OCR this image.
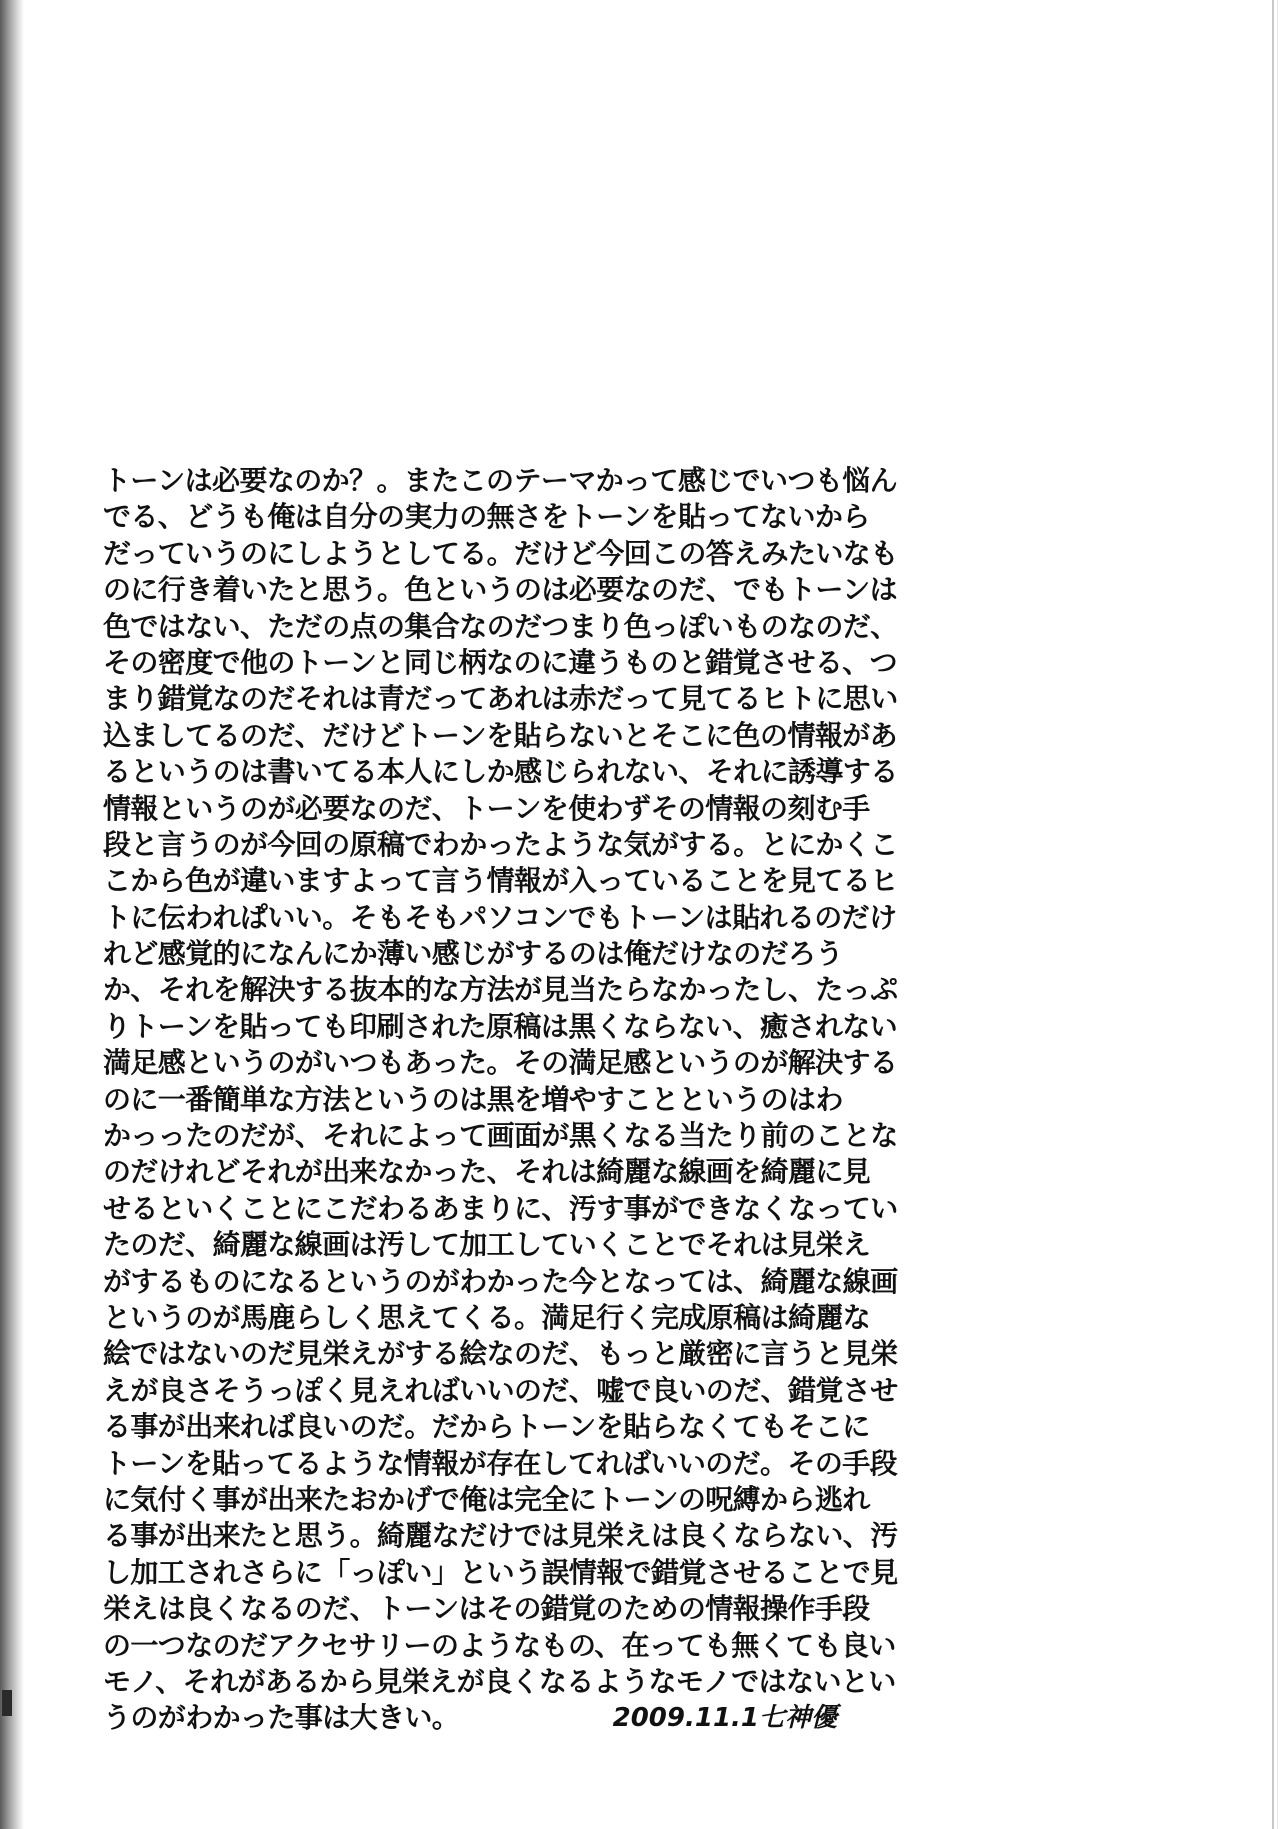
トーンは必要なのか？。またこのテーマかって感じでいつも悩ん
でる、どうも俺は自分の実力の無さをトーンを貼ってないから
だっていうのにしようとしてる。だけど今回この答えみたいなも
のに行き着いたと思う。色というのは必要なのだ、でもトーンは
色ではない、ただの点の集合なのだつまり色っぽいものなのだ、
その密度で他のトーンと同じ柄なのに違うものと錯覚させる、つ
まり錯覚なのだそれは青だってあれは赤だって見てるヒトに思い
込ましてるのだ、だけどトーンを貼らないとそこに色の情報があ
るというのは書いてる本人にしか感じられない、それに誘導する
情報というのが必要なのだ、トーンを使わずその情報の刻む手
段と言うのが今回の原稿でわかったような気がする。とにかくこ
こから色が違いますよって言う情報が入っていることを見てるヒ
トに伝われぱいい。そもそもパソコンでもトーンは貼れるのだけ
れど感覚的になんにか薄い感じがするのは俺だけなのだろう
か、それを解決する抜本的な方法が見当たらなかったし、たっぷ
りトーンを貼っても印刷された原稿は黒くならない、癒されない
満足感というのがいつもあった。その満足感というのが解決する
のに一番簡単な方法というのは黒を増やすことというのはわ
かっったのだが、それによって画面が黒くなる当たり前のことな
のだけれどそれが出来なかった、それは綺麗な線画を綺麗に見
せるといくことにこだわるあまりに、汚す事ができなくなってい
たのだ、綺麗な線画は汚して加工していくことでそれは見栄え
がするものになるというのがわかった今となっては、綺麗な線画
というのが馬鹿らしく思えてくる。満足行く完成原稿は綺麗な
絵ではないのだ見栄えがする絵なのだ、もっと厳密に言うと見栄
えが良さそうっぽく見えればいいのだ、嘘で良いのだ、錯覚させ
る事が出来れば良いのだ。だからトーンを貼らなくてもそこに
トーンを貼ってるような情報が存在してればいいのだ。その手段
に気付く事が出来たおかげで俺は完全にトーンの呪縛から逃れ
る事が出来たと思う。綺麗なだけでは見栄えは良くならない、汚
し加工されさらに「っぽい」という誤情報で錯覚させることで見
栄えは良くなるのだ、トーンはその錯覚のための情報操作手段
の一つなのだアクセサリーのようなもの、在っても無くても良い
モノ、それがあるから見栄えが良くなるようなモノではないとい
うのがわかった事は大きい。	2009.11.1七神優
